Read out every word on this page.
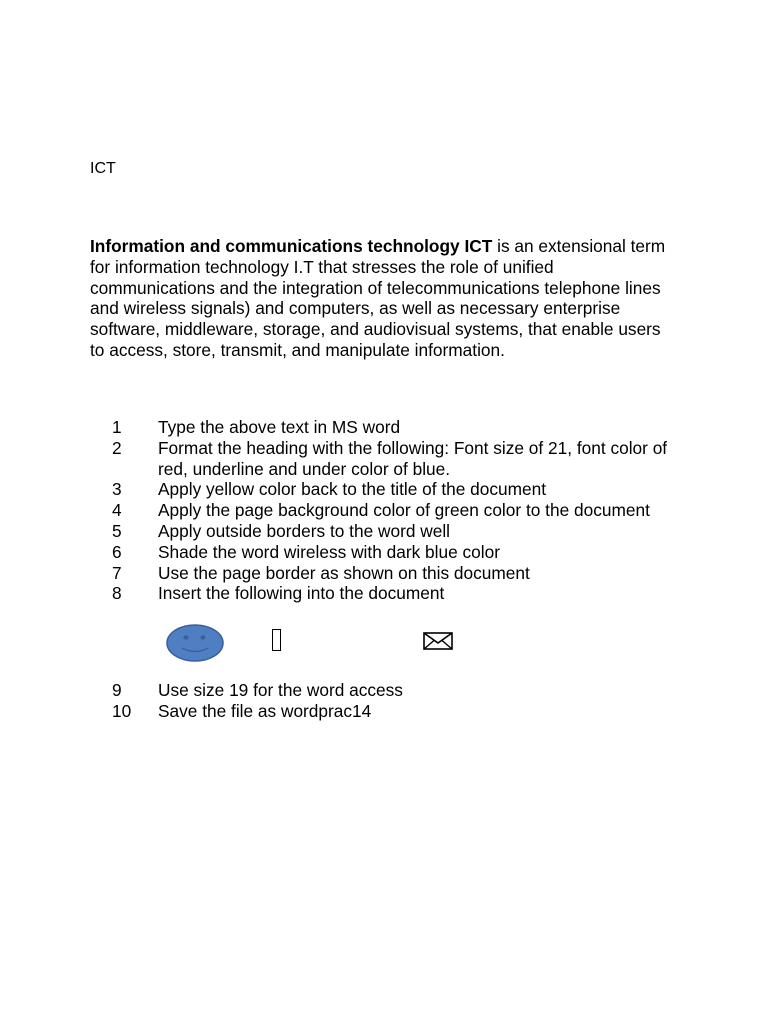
ICT
Information and communications technology ICT is an extensional term
for information technology I.T that stresses the role of unified
communications and the integration of telecommunications telephone lines
and wireless signals) and computers, as well as necessary enterprise
software, middleware, storage, and audiovisual systems, that enable users
to access, store, transmit, and manipulate information.
1	Type the above text in MS word
2	Format the heading with the following: Font size of 21, font color of
red, underline and under color of blue.
3	Apply yellow color back to the title of the document
4	Apply the page background color of green color to the document
5	Apply outside borders to the word well
6	Shade the word wireless with dark blue color
7	Use the page border as shown on this document
8	Insert the following into the document
9	Use size 19 for the word access
10	Save the file as wordprac14
